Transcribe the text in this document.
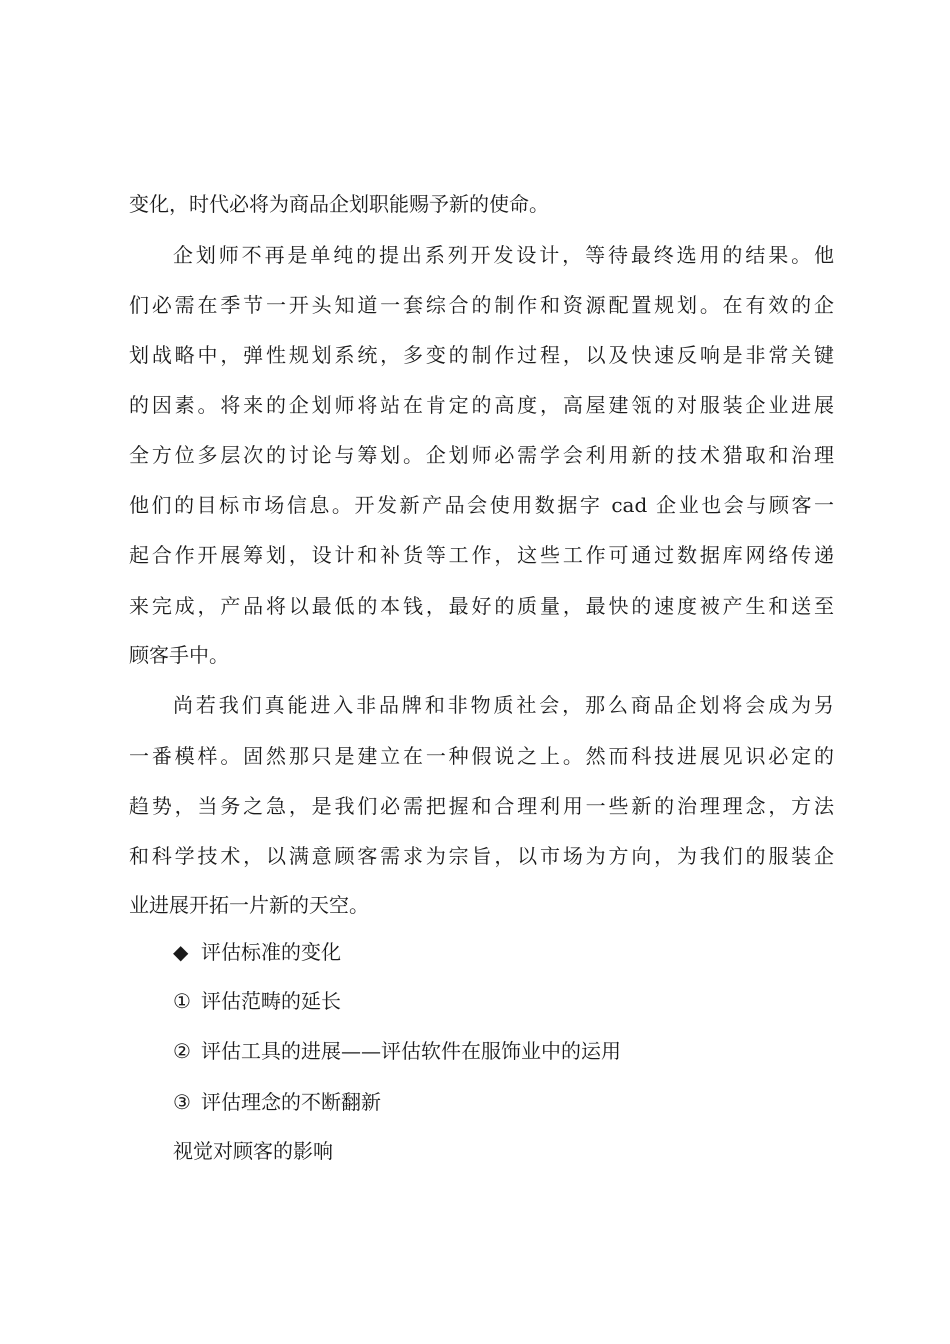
变化，时代必将为商品企划职能赐予新的使命。

企划师不再是单纯的提出系列开发设计，等待最终选用的结果。他

们必需在季节一开头知道一套综合的制作和资源配置规划。在有效的企

划战略中，弹性规划系统，多变的制作过程，以及快速反响是非常关键

的因素。将来的企划师将站在肯定的高度，高屋建瓴的对服装企业进展

全方位多层次的讨论与筹划。企划师必需学会利用新的技术猎取和治理

他们的目标市场信息。开发新产品会使用数据字 cad 企业也会与顾客一

起合作开展筹划，设计和补货等工作，这些工作可通过数据库网络传递

来完成，产品将以最低的本钱，最好的质量，最快的速度被产生和送至

顾客手中。

尚若我们真能进入非品牌和非物质社会，那么商品企划将会成为另

一番模样。固然那只是建立在一种假说之上。然而科技进展见识必定的

趋势，当务之急，是我们必需把握和合理利用一些新的治理理念，方法

和科学技术，以满意顾客需求为宗旨，以市场为方向，为我们的服装企

业进展开拓一片新的天空。

◆ 评估标准的变化
① 评估范畴的延长
② 评估工具的进展——评估软件在服饰业中的运用
③ 评估理念的不断翻新
视觉对顾客的影响
